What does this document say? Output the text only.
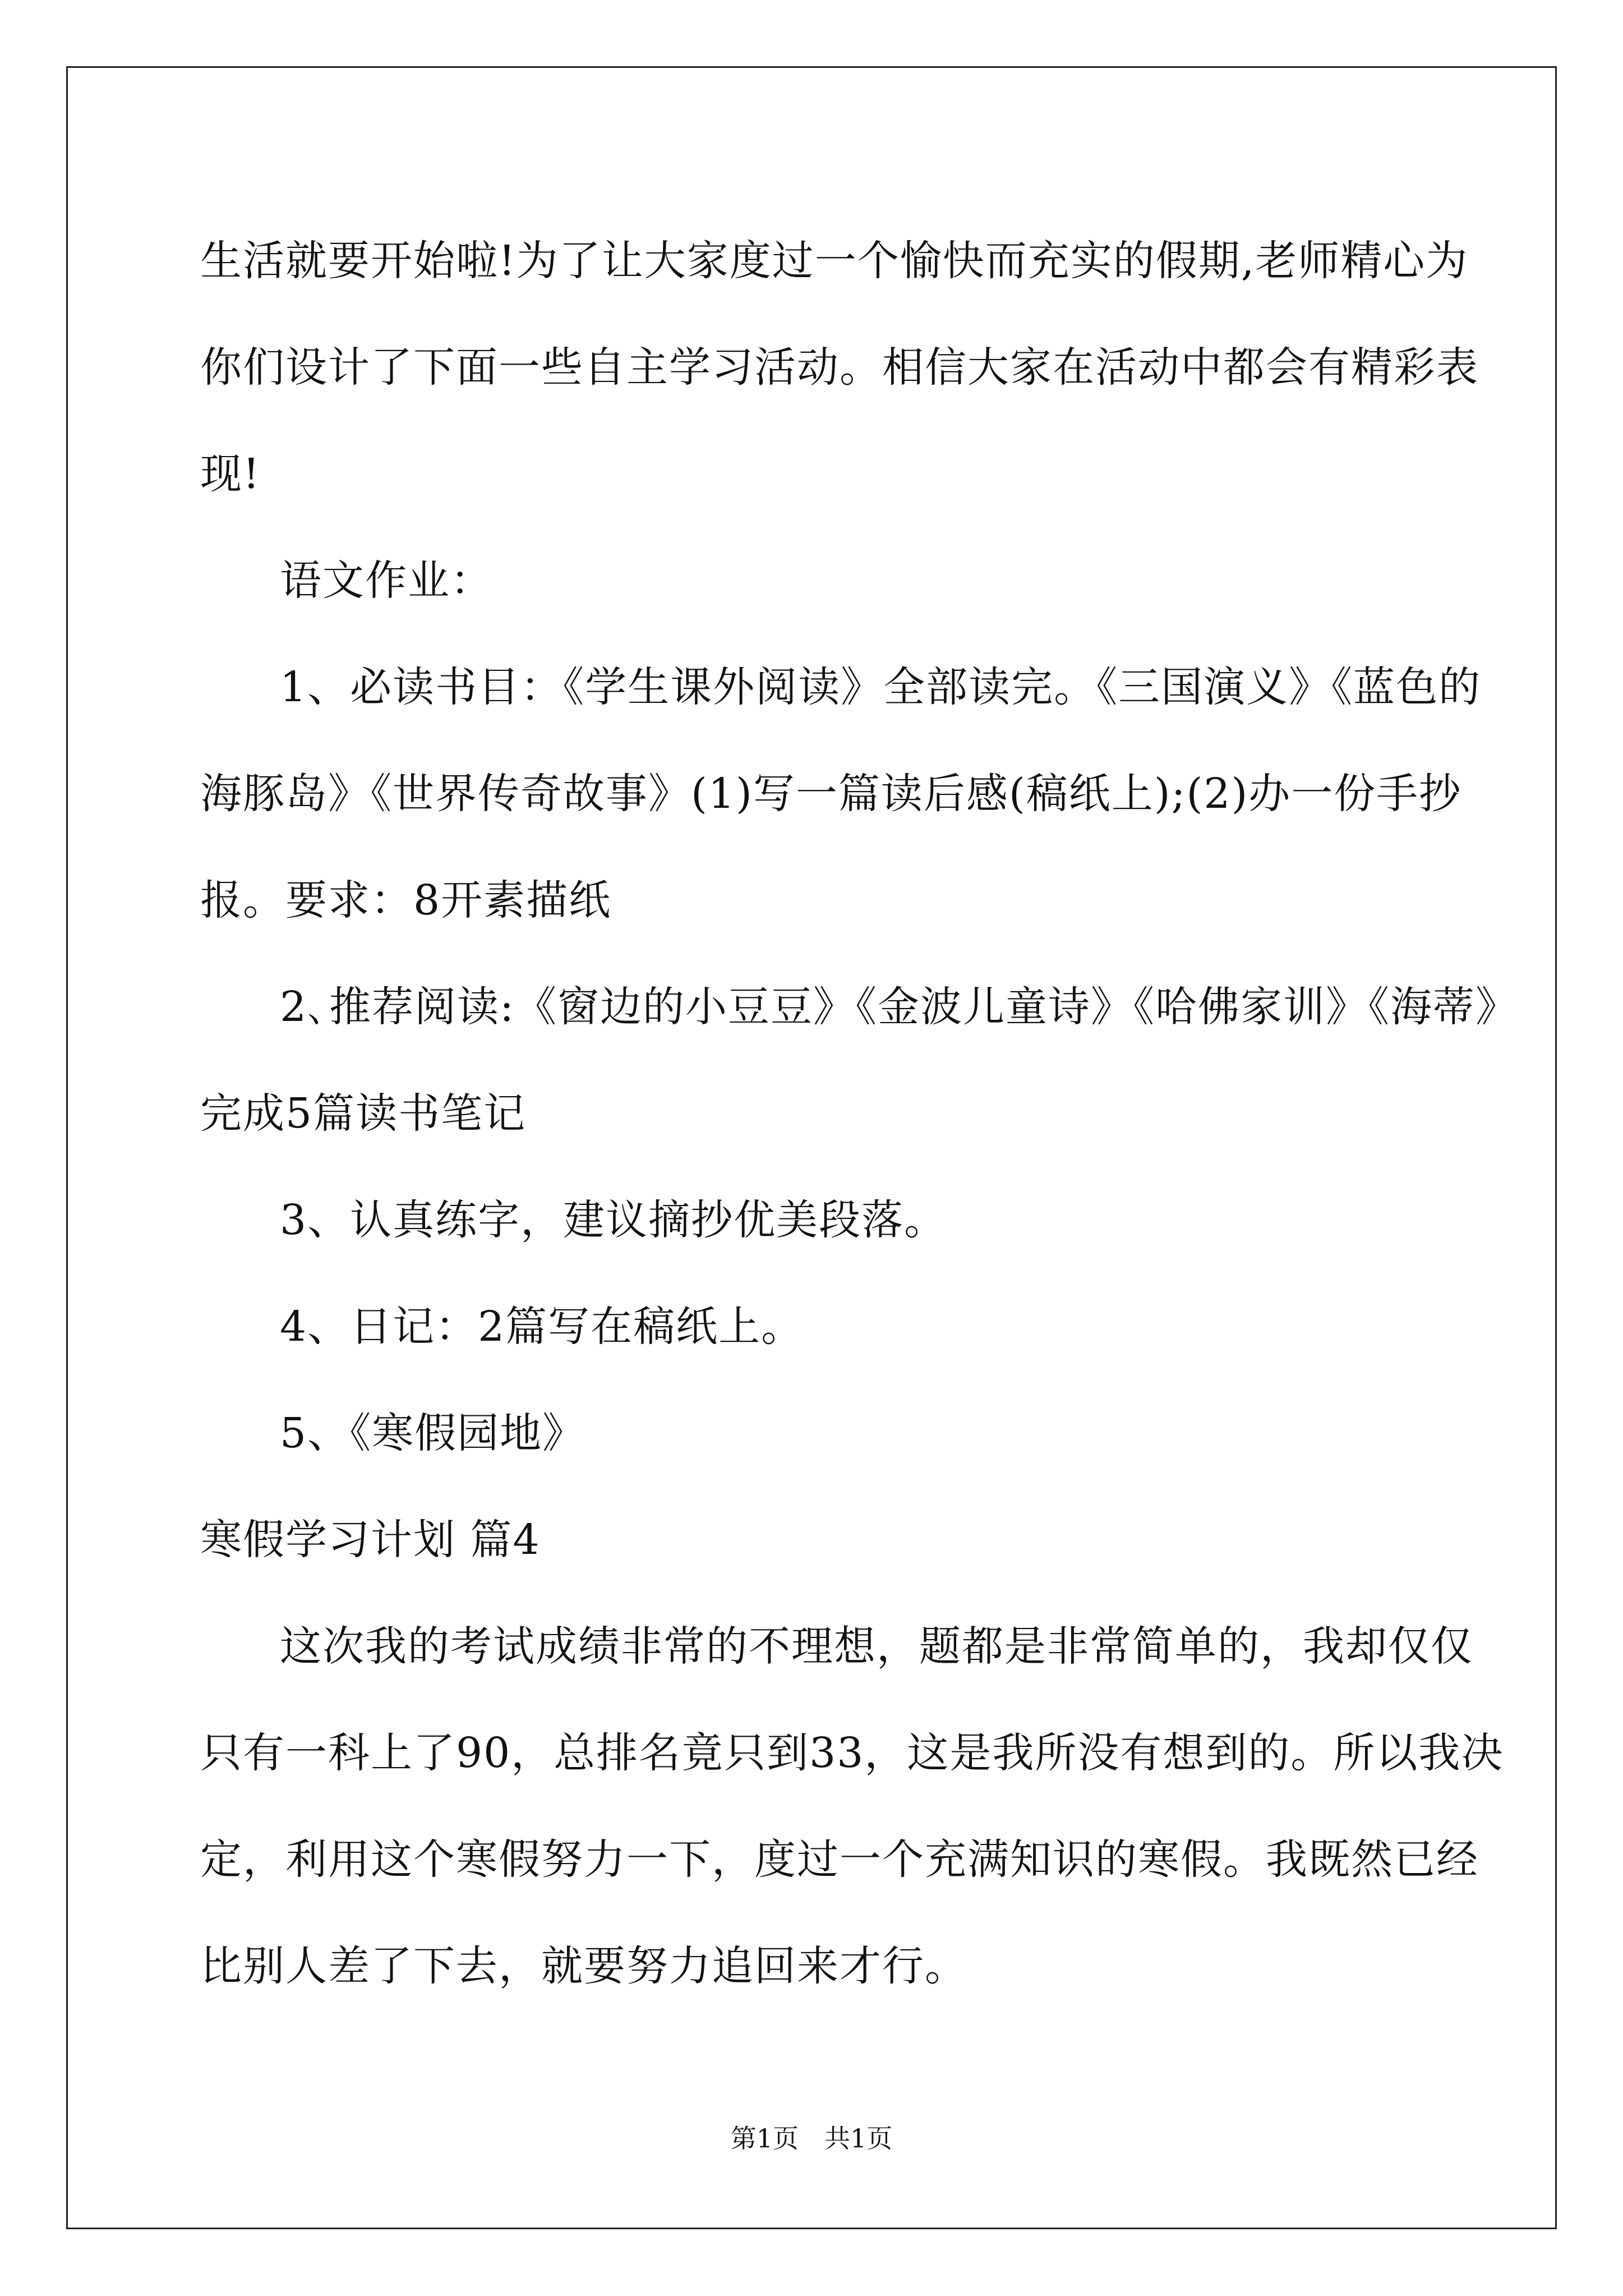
生活就要开始啦!为了让大家度过一个愉快而充实的假期,老师精心为
你们设计了下面一些自主学习活动。相信大家在活动中都会有精彩表
现!
语文作业：
1、必读书目：《学生课外阅读》全部读完。《三国演义》《蓝色的
海豚岛》《世界传奇故事》(1)写一篇读后感(稿纸上);(2)办一份手抄
报。要求：8开素描纸
2､推荐阅读:《窗边的小豆豆》《金波儿童诗》《哈佛家训》《海蒂》
完成5篇读书笔记
3、认真练字，建议摘抄优美段落。
4、日记：2篇写在稿纸上。
5、《寒假园地》
寒假学习计划 篇4
这次我的考试成绩非常的不理想，题都是非常简单的，我却仅仅
只有一科上了90，总排名竟只到33，这是我所没有想到的。所以我决
定，利用这个寒假努力一下，度过一个充满知识的寒假。我既然已经
比别人差了下去，就要努力追回来才行。
第1页　共1页
